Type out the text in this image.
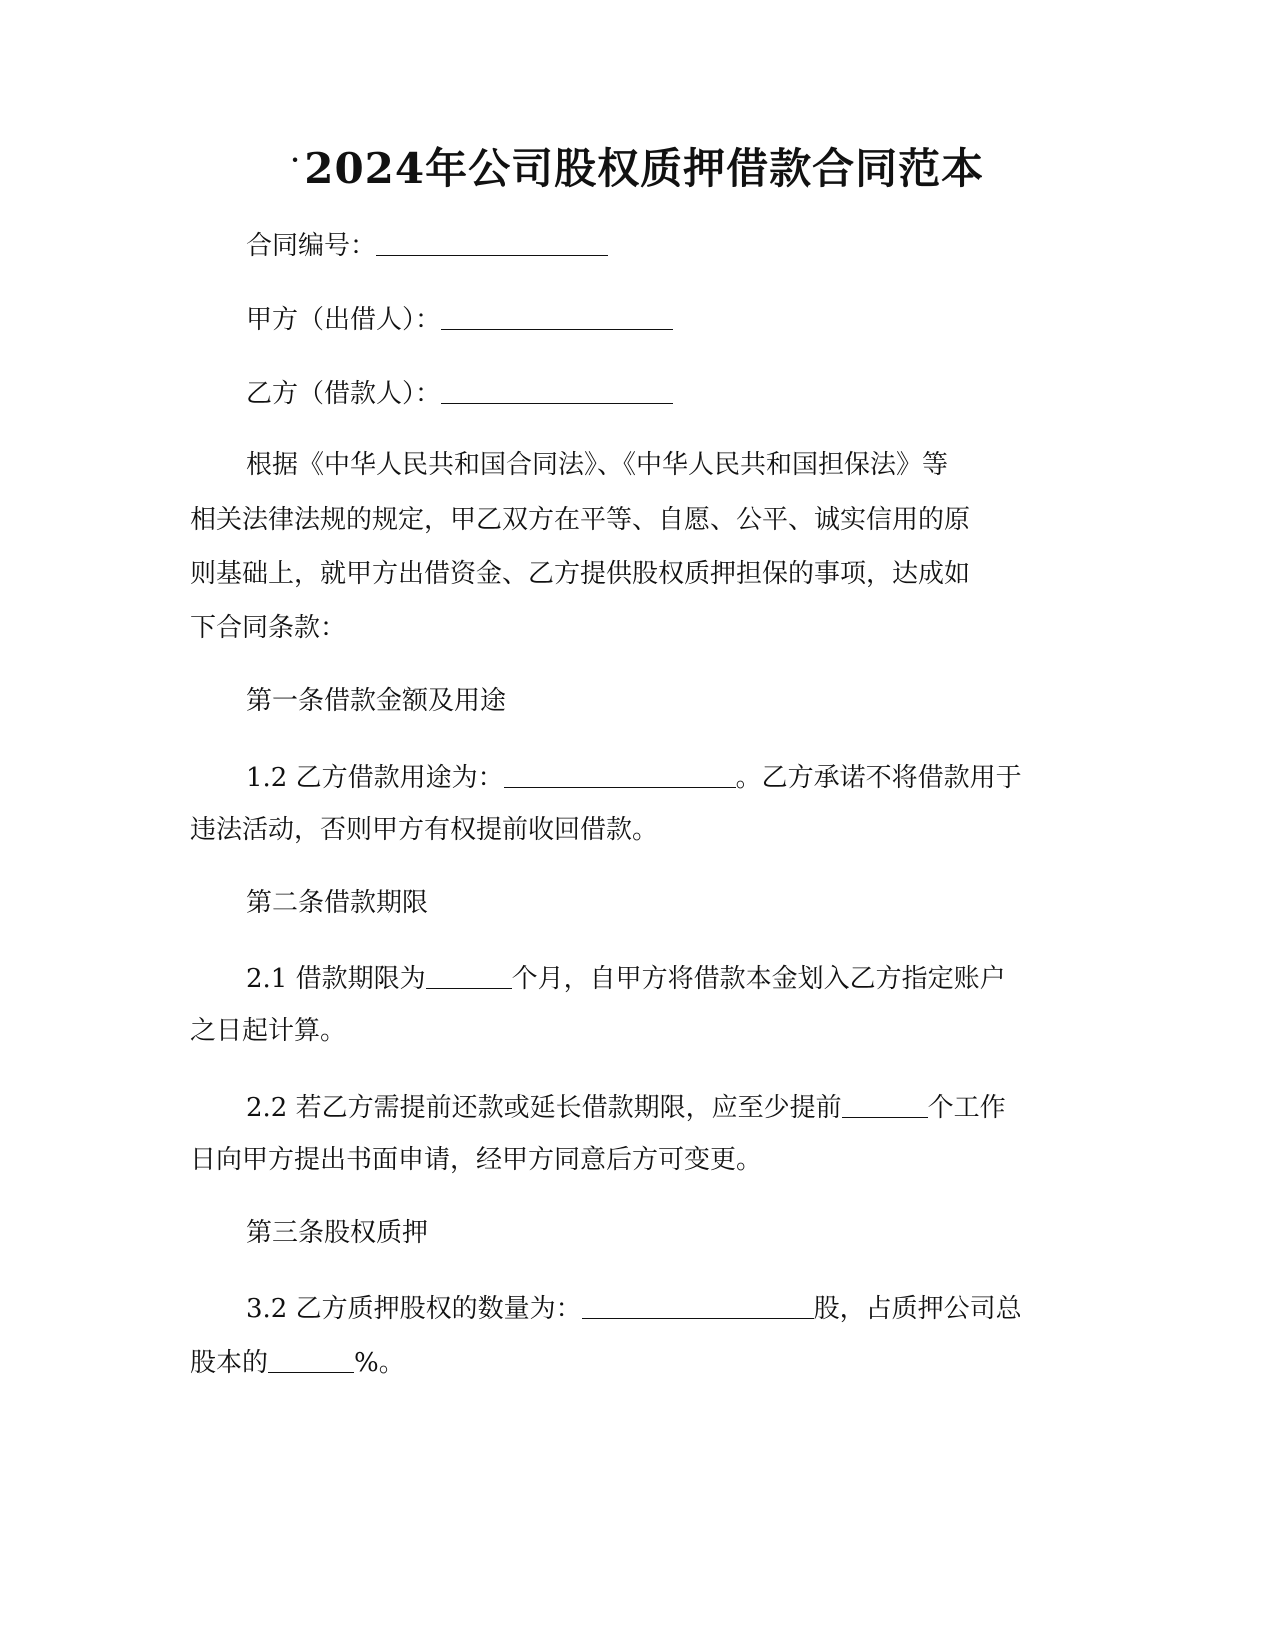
·2024年公司股权质押借款合同范本
合同编号：
甲方（出借人）：
乙方（借款人）：
根据《中华人民共和国合同法》、《中华人民共和国担保法》等
相关法律法规的规定，甲乙双方在平等、自愿、公平、诚实信用的原
则基础上，就甲方出借资金、乙方提供股权质押担保的事项，达成如
下合同条款：
第一条借款金额及用途
1.2 乙方借款用途为：	。乙方承诺不将借款用于
违法活动，否则甲方有权提前收回借款。
第二条借款期限
2.1 借款期限为	个月，自甲方将借款本金划入乙方指定账户
之日起计算。
2.2 若乙方需提前还款或延长借款期限，应至少提前	个工作
日向甲方提出书面申请，经甲方同意后方可变更。
第三条股权质押
3.2 乙方质押股权的数量为：	股，占质押公司总
股本的	%。
